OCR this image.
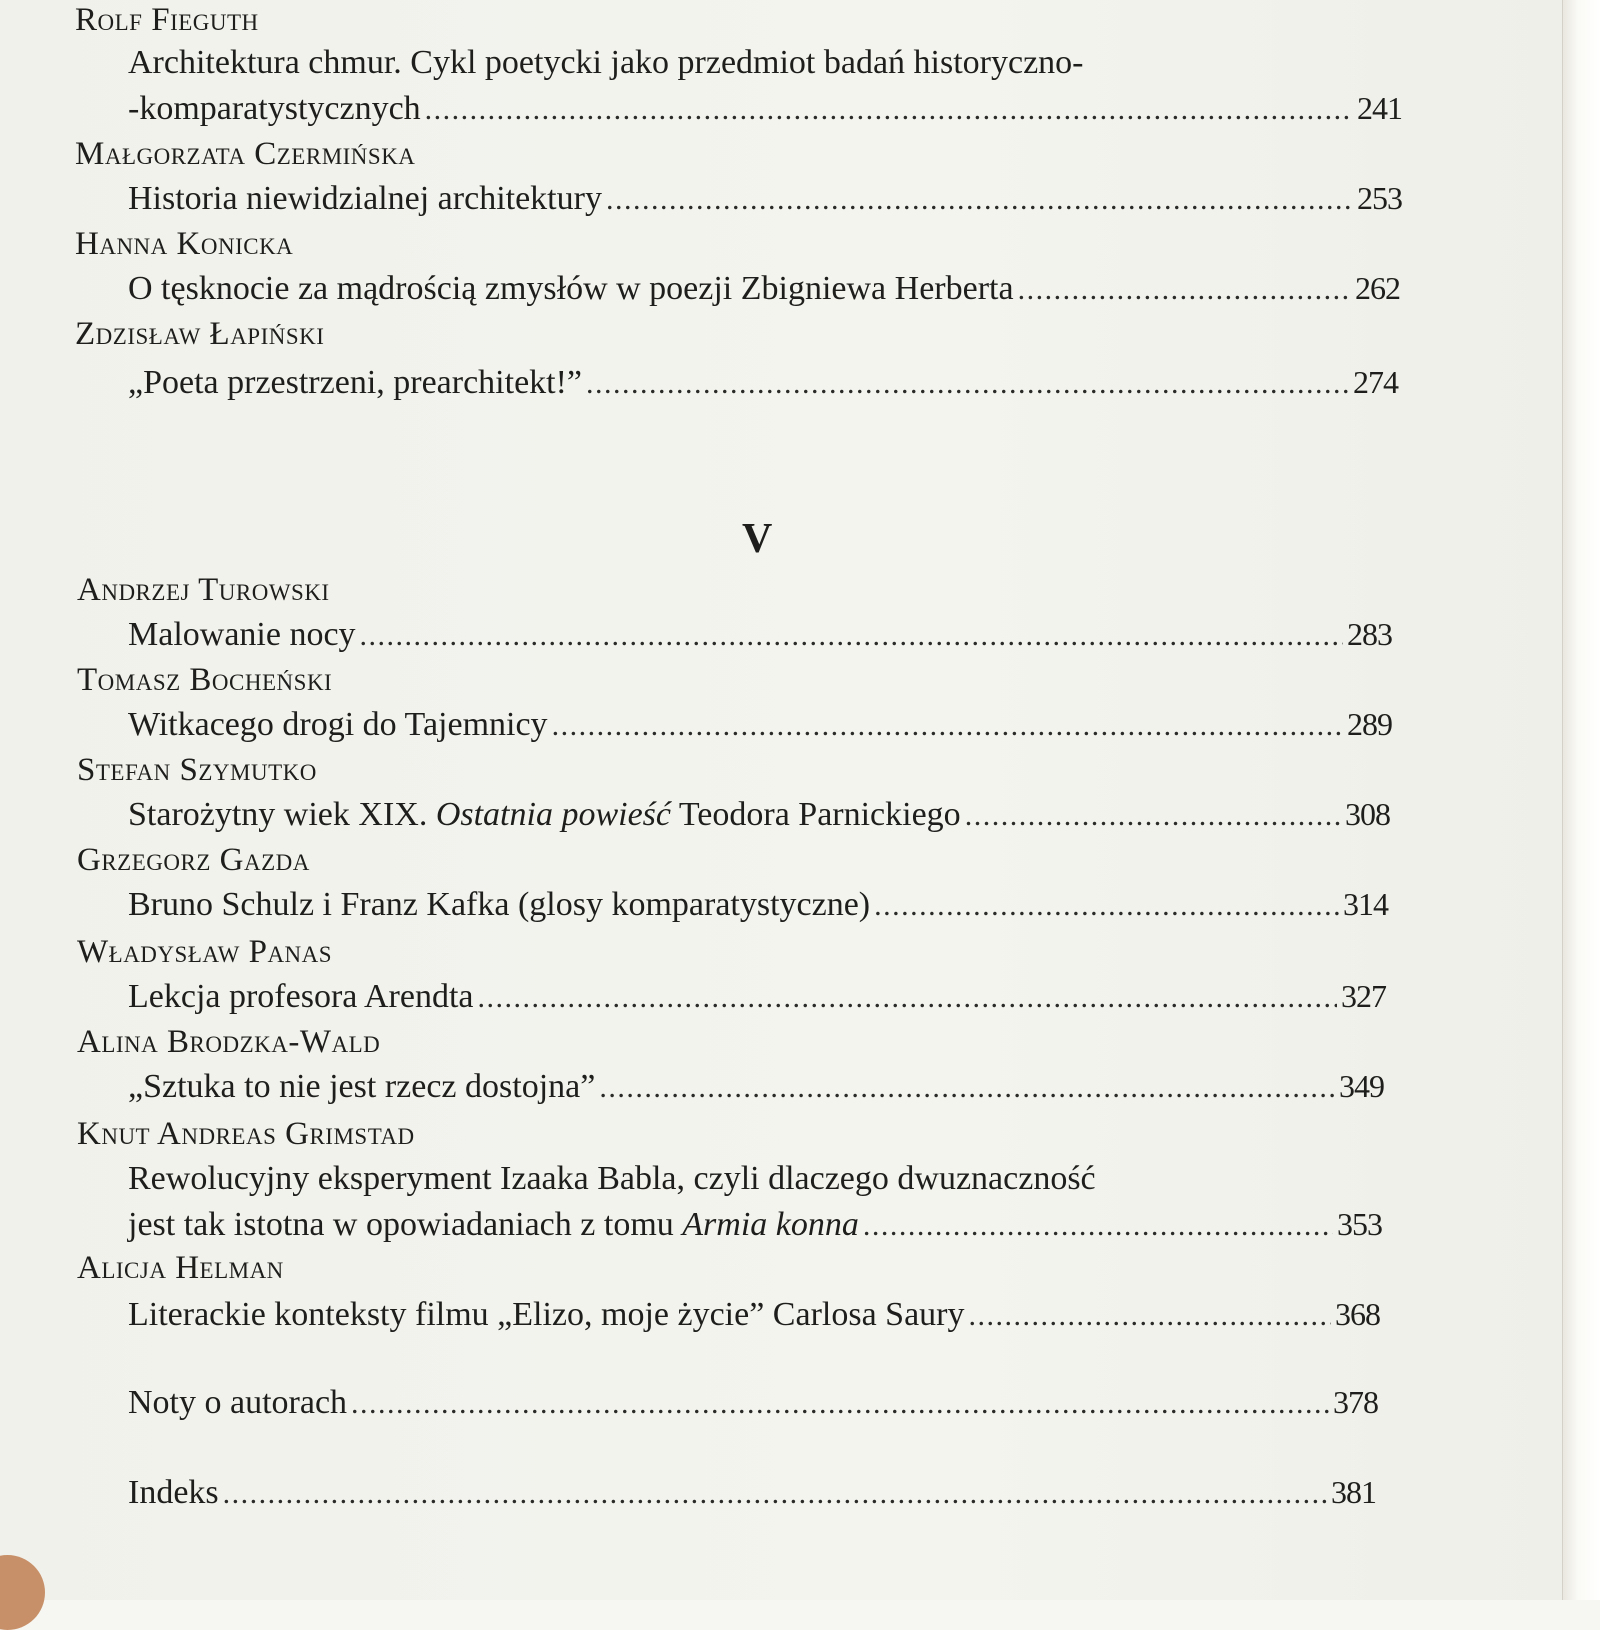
Rolf Fieguth
Architektura chmur. Cykl poetycki jako przedmiot badań historyczno-
-komparatystycznych . . .	241
Małgorzata Czermińska
Historia niewidzialnej architektury . . .	253
Hanna Konicka
O tęsknocie za mądrością zmysłów w poezji Zbigniewa Herberta . . .	262
Zdzisław Łapiński
„Poeta przestrzeni, prearchitekt!” . . .	274
V
Andrzej Turowski
Malowanie nocy . . .	283
Tomasz Bocheński
Witkacego drogi do Tajemnicy . . .	289
Stefan Szymutko
Starożytny wiek XIX. Ostatnia powieść Teodora Parnickiego . . .	308
Grzegorz Gazda
Bruno Schulz i Franz Kafka (glosy komparatystyczne) . . .	314
Władysław Panas
Lekcja profesora Arendta . . .	327
Alina Brodzka-Wald
„Sztuka to nie jest rzecz dostojna” . . .	349
Knut Andreas Grimstad
Rewolucyjny eksperyment Izaaka Babla, czyli dlaczego dwuznaczność
jest tak istotna w opowiadaniach z tomu Armia konna . . .	353
Alicja Helman
Literackie konteksty filmu „Elizo, moje życie” Carlosa Saury . . .	368
Noty o autorach . . .	378
Indeks . . .	381
